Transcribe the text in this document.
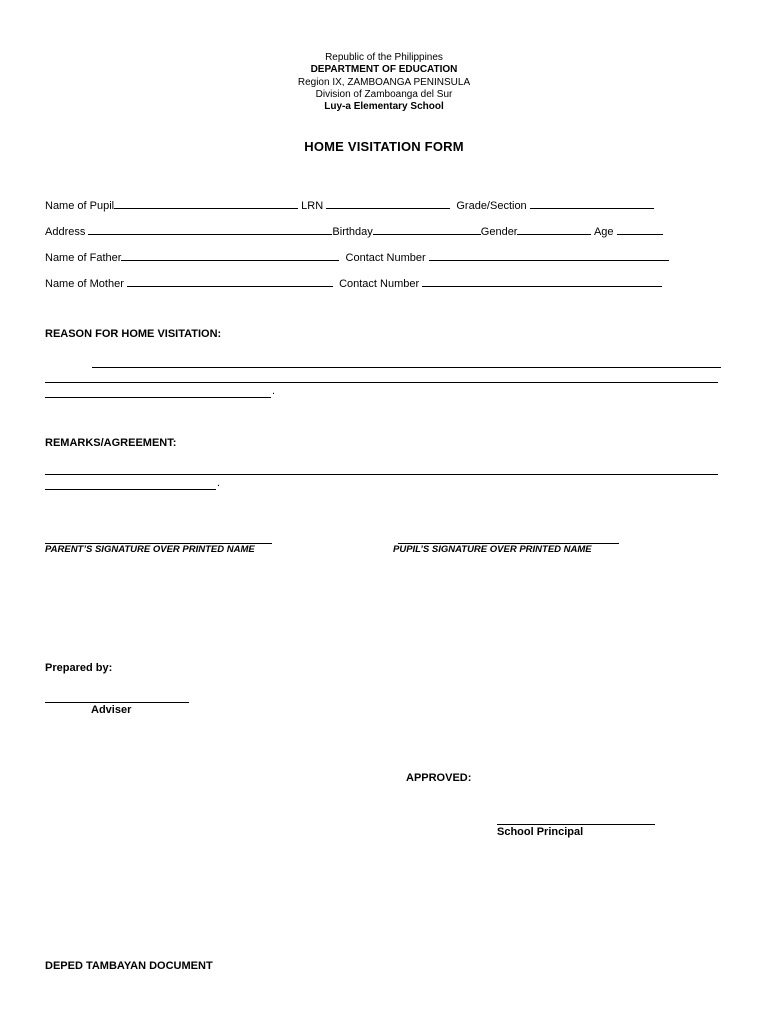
Republic of the Philippines
DEPARTMENT OF EDUCATION
Region IX, ZAMBOANGA PENINSULA
Division of Zamboanga del Sur
Luy-a Elementary School
HOME VISITATION FORM
Name of Pupil	LRN	Grade/Section
Address	Birthday	Gender	Age
Name of Father	Contact Number
Name of Mother	Contact Number
REASON FOR HOME VISITATION:
.
REMARKS/AGREEMENT:
.
PARENT’S SIGNATURE OVER PRINTED NAME	PUPIL’S SIGNATURE OVER PRINTED NAME
Prepared by:
Adviser
APPROVED:
School Principal
DEPED TAMBAYAN DOCUMENT
